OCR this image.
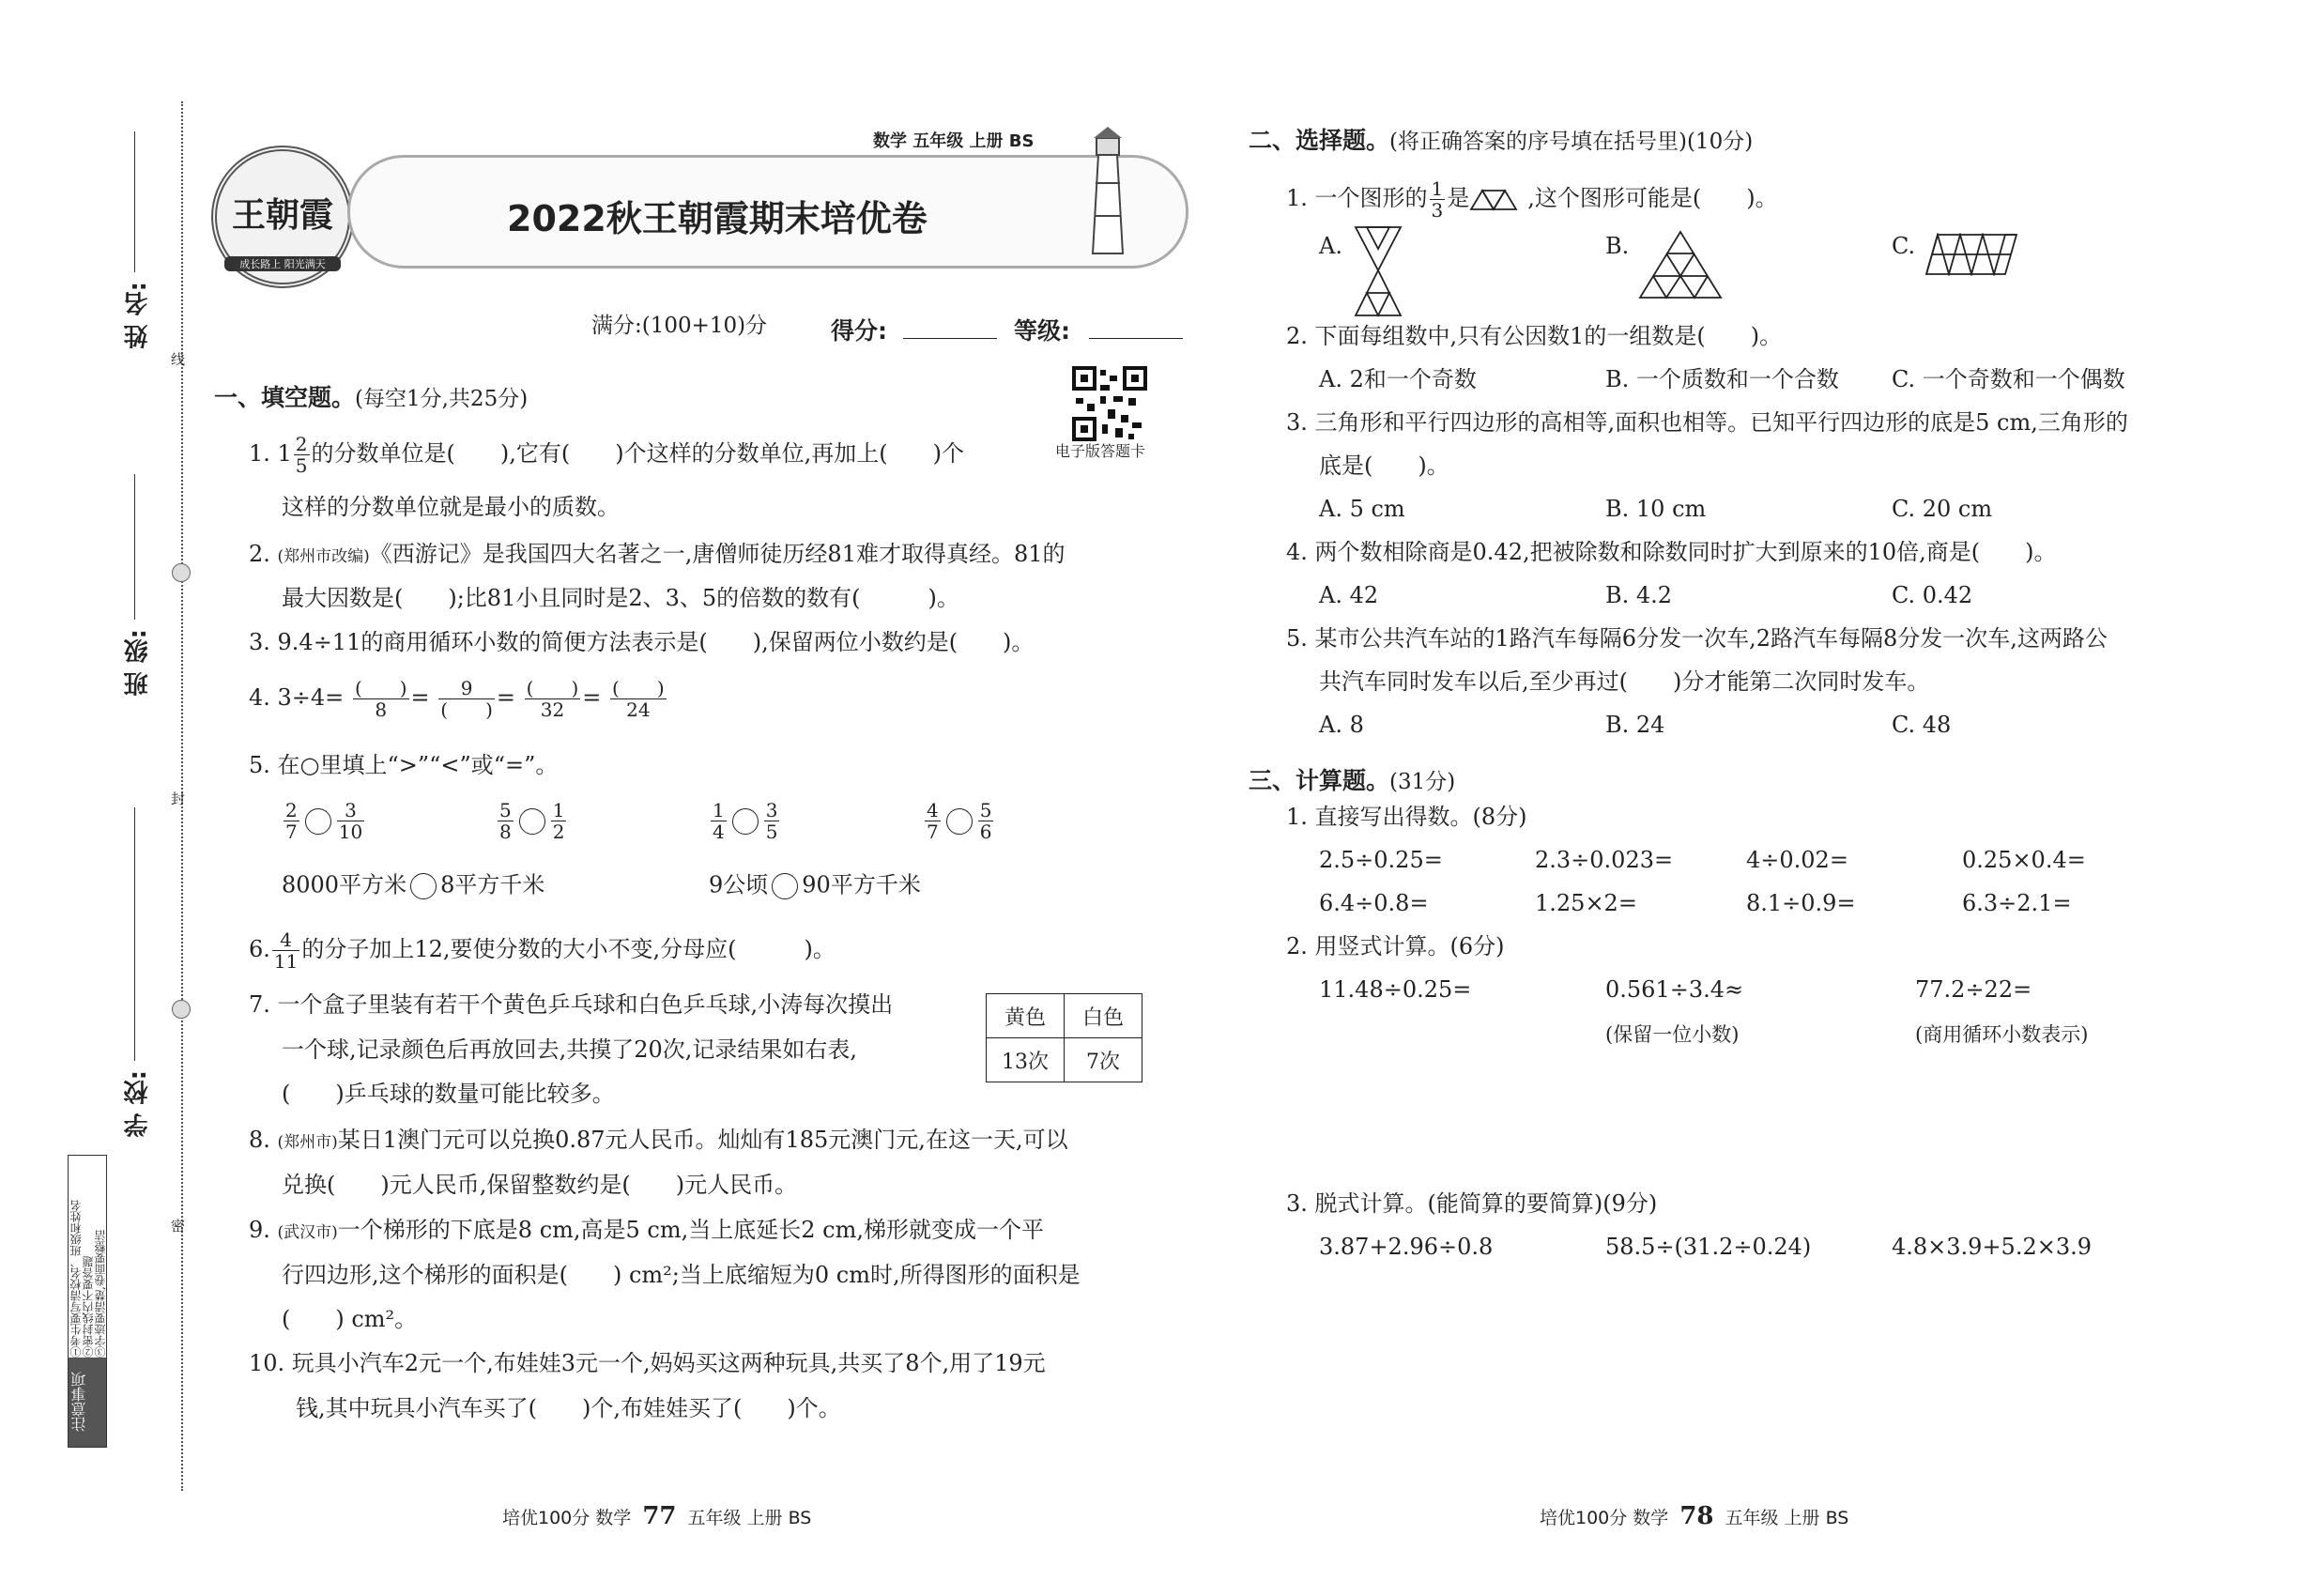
姓 名:
班 级:
学 校:
线
封
密
注意事项
①考生要写清校名、班级和姓名
②密封线内不要答题
③字迹要清楚,卷面要整洁
王朝霞
成长路上 阳光满天
数学 五年级 上册 BS
2022秋王朝霞期末培优卷
满分:(100+10)分	得分:	等级:
电子版答题卡
一、填空题。(每空1分,共25分)
1. $1 \frac{2}{5}$ 的分数单位是(　　),它有(　　)个这样的分数单位,再加上(　　)个
这样的分数单位就是最小的质数。
2. (郑州市改编)《西游记》是我国四大名著之一,唐僧师徒历经81难才取得真经。81的
最大因数是(　　);比81小且同时是2、3、5的倍数的数有(　　　)。
3. 9.4÷11的商用循环小数的简便方法表示是(　　),保留两位小数约是(　　)。
4. $3\div 4= \frac{( )}{8} = \frac{9}{( )} = \frac{( )}{32} = \frac{( )}{24}$
5. 在○里填上“>”“<”或“=”。
$\frac{2}{7} \frac{3}{10}$	$\frac{5}{8} \frac{1}{2}$	$\frac{1}{4} \frac{3}{5}$	$\frac{4}{7} \frac{5}{6}$
8000平方米 8平方千米	9公顷 90平方千米
6. $\frac{4}{11}$ 的分子加上12,要使分数的大小不变,分母应(　　　)。
7. 一个盒子里装有若干个黄色乒乓球和白色乒乓球,小涛每次摸出
一个球,记录颜色后再放回去,共摸了20次,记录结果如右表,
(　　)乒乓球的数量可能比较多。
黄色	白色
13次	7次
8. (郑州市)某日1澳门元可以兑换0.87元人民币。灿灿有185元澳门元,在这一天,可以
兑换(　　)元人民币,保留整数约是(　　)元人民币。
9. (武汉市)一个梯形的下底是8 cm,高是5 cm,当上底延长2 cm,梯形就变成一个平
行四边形,这个梯形的面积是(　　) cm²;当上底缩短为0 cm时,所得图形的面积是
(　　) cm²。
10. 玩具小汽车2元一个,布娃娃3元一个,妈妈买这两种玩具,共买了8个,用了19元
钱,其中玩具小汽车买了(　　)个,布娃娃买了(　　)个。
二、选择题。(将正确答案的序号填在括号里)(10分)
1. 一个图形的 $\frac{1}{3}$ 是	,这个图形可能是(　　)。
A.	B.	C.
2. 下面每组数中,只有公因数1的一组数是(　　)。
A. 2和一个奇数	B. 一个质数和一个合数 C. 一个奇数和一个偶数
3. 三角形和平行四边形的高相等,面积也相等。已知平行四边形的底是5 cm,三角形的
底是(　　)。
A. 5 cm	B. 10 cm	C. 20 cm
4. 两个数相除商是0.42,把被除数和除数同时扩大到原来的10倍,商是(　　)。
A. 42	B. 4.2	C. 0.42
5. 某市公共汽车站的1路汽车每隔6分发一次车,2路汽车每隔8分发一次车,这两路公
共汽车同时发车以后,至少再过(　　)分才能第二次同时发车。
A. 8	B. 24	C. 48
三、计算题。(31分)
1. 直接写出得数。(8分)
2.5÷0.25=	2.3÷0.023=	4÷0.02=	0.25×0.4=
6.4÷0.8=	1.25×2=	8.1÷0.9=	6.3÷2.1=
2. 用竖式计算。(6分)
11.48÷0.25=	0.561÷3.4≈	77.2÷22=
(保留一位小数)	(商用循环小数表示)
3. 脱式计算。(能简算的要简算)(9分)
3.87+2.96÷0.8	58.5÷(31.2÷0.24)	4.8×3.9+5.2×3.9
培优100分 数学 77 五年级 上册 BS	培优100分 数学 78 五年级 上册 BS
